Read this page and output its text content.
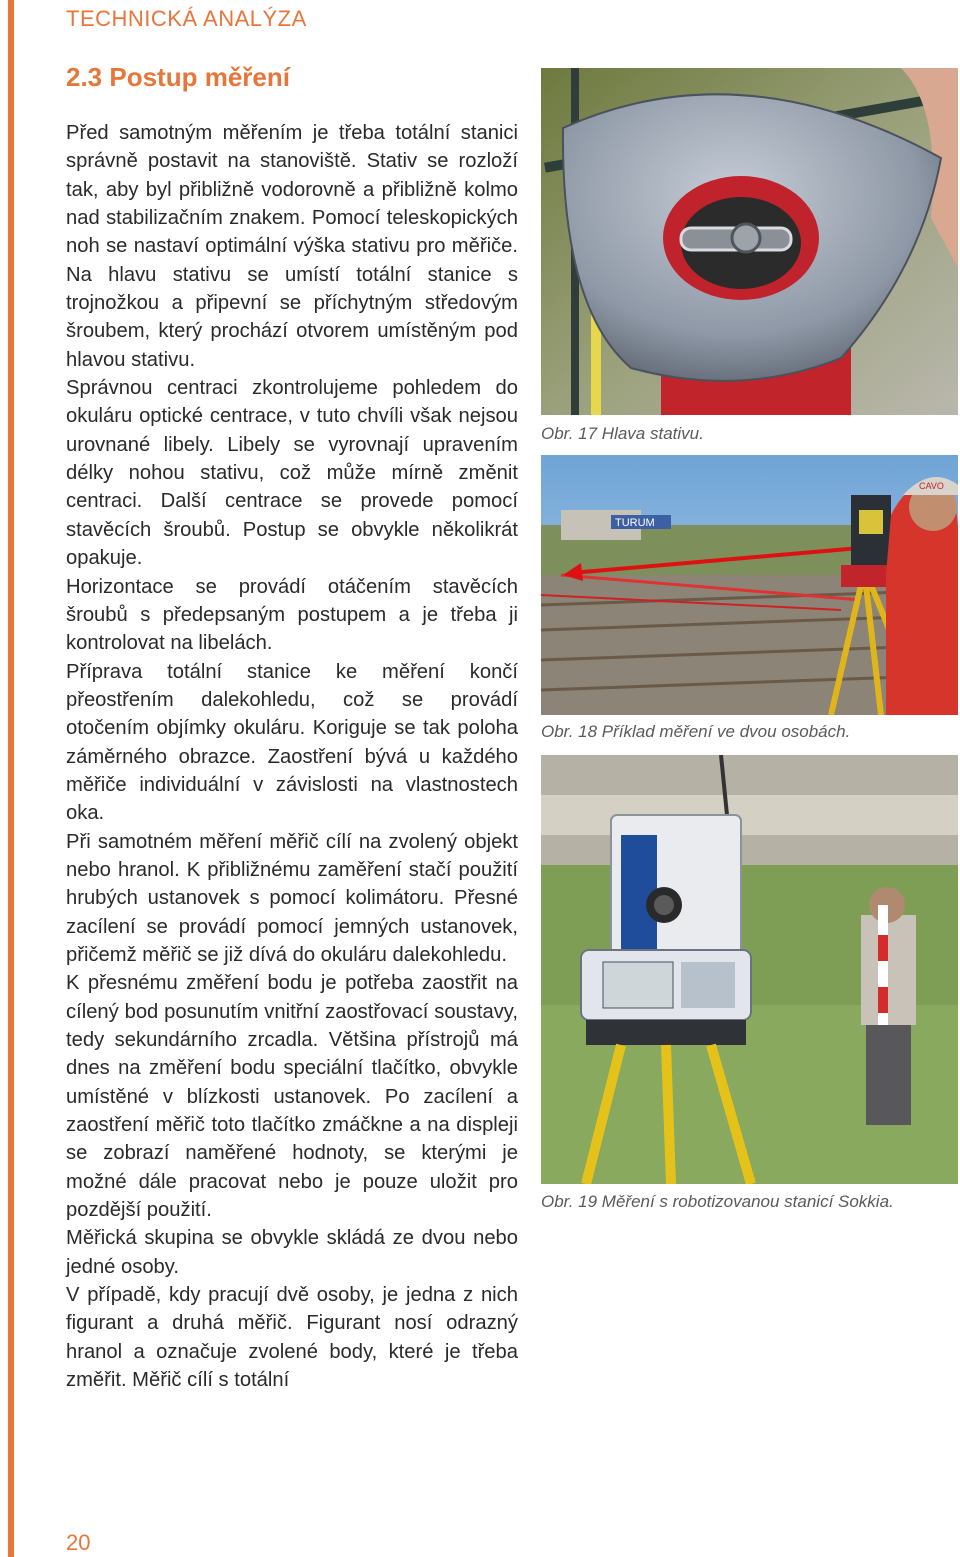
TECHNICKÁ ANALÝZA
2.3 Postup měření

Před samotným měřením je třeba totální stanici správně postavit na stanoviště. Stativ se rozloží tak, aby byl přibližně vodorovně a přibližně kolmo nad stabilizačním znakem. Pomocí teleskopických noh se nastaví optimální výška stativu pro měřiče. Na hlavu stativu se umístí totální stanice s trojnožkou a připevní se příchytným středovým šroubem, který prochází otvorem umístěným pod hlavou stativu.

Správnou centraci zkontrolujeme pohledem do okuláru optické centrace, v tuto chvíli však nejsou urovnané libely. Libely se vyrovnají upravením délky nohou stativu, což může mírně změnit centraci. Další centrace se provede pomocí stavěcích šroubů. Postup se obvykle několikrát opakuje.

Horizontace se provádí otáčením stavěcích šroubů s předepsaným postupem a je třeba ji kontrolovat na libelách.

Příprava totální stanice ke měření končí přeostřením dalekohledu, což se provádí otočením objímky okuláru. Koriguje se tak poloha záměrného obrazce. Zaostření bývá u každého měřiče individuální v závislosti na vlastnostech oka.

Při samotném měření měřič cílí na zvolený objekt nebo hranol. K přibližnému zaměření stačí použití hrubých ustanovek s pomocí kolimátoru. Přesné zacílení se provádí pomocí jemných ustanovek, přičemž měřič se již dívá do okuláru dalekohledu.

K přesnému změření bodu je potřeba zaostřit na cílený bod posunutím vnitřní zaostřovací soustavy, tedy sekundárního zrcadla. Většina přístrojů má dnes na změření bodu speciální tlačítko, obvykle umístěné v blízkosti ustanovek. Po zacílení a zaostření měřič toto tlačítko zmáčkne a na displeji se zobrazí naměřené hodnoty, se kterými je možné dále pracovat nebo je pouze uložit pro pozdější použití.

Měřická skupina se obvykle skládá ze dvou nebo jedné osoby.

V případě, kdy pracují dvě osoby, je jedna z nich figurant a druhá měřič. Figurant nosí odrazný hranol a označuje zvolené body, které je třeba změřit. Měřič cílí s totální

Obr. 17 Hlava stativu.
TURUM
CAVO
Obr. 18 Příklad měření ve dvou osobách.
Obr. 19 Měření s robotizovanou stanicí Sokkia.
20
